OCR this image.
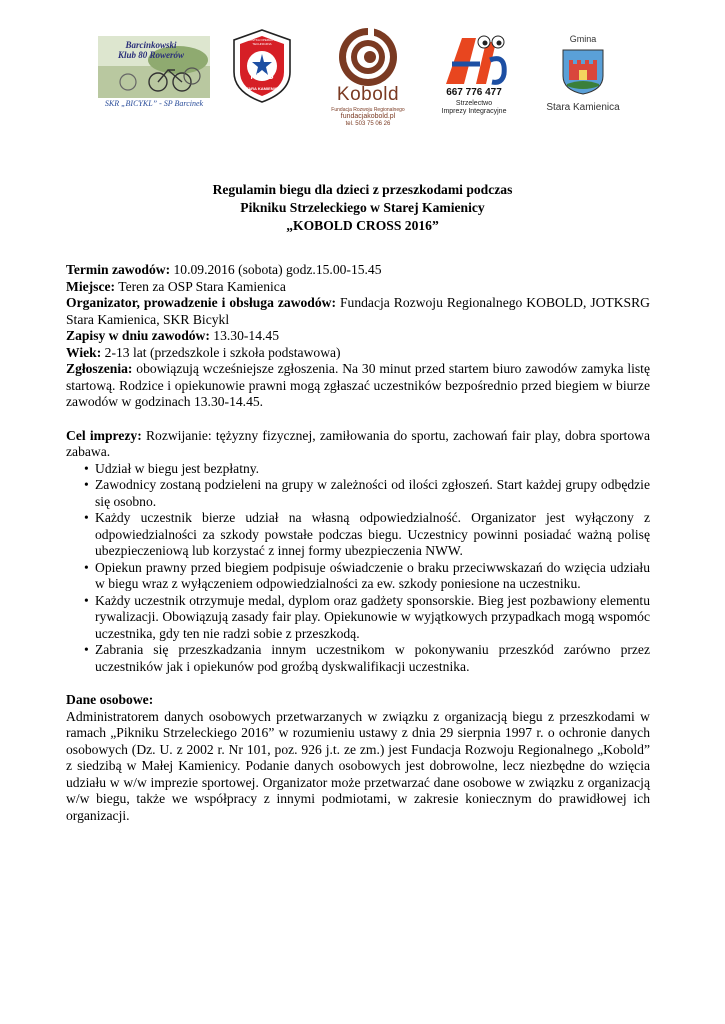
Barcinkowski
Klub 80 Rowerów
SKR „BICYKL” - SP Barcinek
KSRG
JEDNOSTKA OPERACYJNO-TECHNICZNA
STARA KAMIENICA	Kobold
Fundacja Rozwoju Regionalnego
fundacjakobold.pl
tel. 503 75 06 26
667 776 477
Strzelectwo
Imprezy Integracyjne
Gmina
Stara Kamienica
Regulamin biegu dla dzieci z przeszkodami podczas
Pikniku Strzeleckiego w Starej Kamienicy
„KOBOLD CROSS 2016”

Termin zawodów: 10.09.2016 (sobota) godz.15.00-15.45

Miejsce: Teren za OSP Stara Kamienica

Organizator, prowadzenie i obsługa zawodów: Fundacja Rozwoju Regionalnego KOBOLD, JOTKSRG Stara Kamienica, SKR Bicykl

Zapisy w dniu zawodów: 13.30-14.45

Wiek: 2-13 lat (przedszkole i szkoła podstawowa)

Zgłoszenia: obowiązują wcześniejsze zgłoszenia. Na 30 minut przed startem biuro zawodów zamyka listę startową. Rodzice i opiekunowie prawni mogą zgłaszać uczestników bezpośrednio przed biegiem w biurze zawodów w godzinach 13.30-14.45.

Cel imprezy: Rozwijanie: tężyzny fizycznej, zamiłowania do sportu, zachowań fair play, dobra sportowa zabawa.

• Udział w biegu jest bezpłatny.
• Zawodnicy zostaną podzieleni na grupy w zależności od ilości zgłoszeń. Start każdej grupy odbędzie się osobno.
• Każdy uczestnik bierze udział na własną odpowiedzialność. Organizator jest wyłączony z odpowiedzialności za szkody powstałe podczas biegu. Uczestnicy powinni posiadać ważną polisę ubezpieczeniową lub korzystać z innej formy ubezpieczenia NWW.
• Opiekun prawny przed biegiem podpisuje oświadczenie o braku przeciwwskazań do wzięcia udziału w biegu wraz z wyłączeniem odpowiedzialności za ew. szkody poniesione na uczestniku.
• Każdy uczestnik otrzymuje medal, dyplom oraz gadżety sponsorskie. Bieg jest pozbawiony elementu rywalizacji. Obowiązują zasady fair play. Opiekunowie w wyjątkowych przypadkach mogą wspomóc uczestnika, gdy ten nie radzi sobie z przeszkodą.
• Zabrania się przeszkadzania innym uczestnikom w pokonywaniu przeszkód zarówno przez uczestników jak i opiekunów pod groźbą dyskwalifikacji uczestnika.

Dane osobowe:

Administratorem danych osobowych przetwarzanych w związku z organizacją biegu z przeszkodami w ramach „Pikniku Strzeleckiego 2016” w rozumieniu ustawy z dnia 29 sierpnia 1997 r. o ochronie danych osobowych (Dz. U. z 2002 r. Nr 101, poz. 926 j.t. ze zm.) jest Fundacja Rozwoju Regionalnego „Kobold” z siedzibą w Małej Kamienicy. Podanie danych osobowych jest dobrowolne, lecz niezbędne do wzięcia udziału w w/w imprezie sportowej. Organizator może przetwarzać dane osobowe w związku z organizacją w/w biegu, także we współpracy z innymi podmiotami, w zakresie koniecznym do prawidłowej ich organizacji.
